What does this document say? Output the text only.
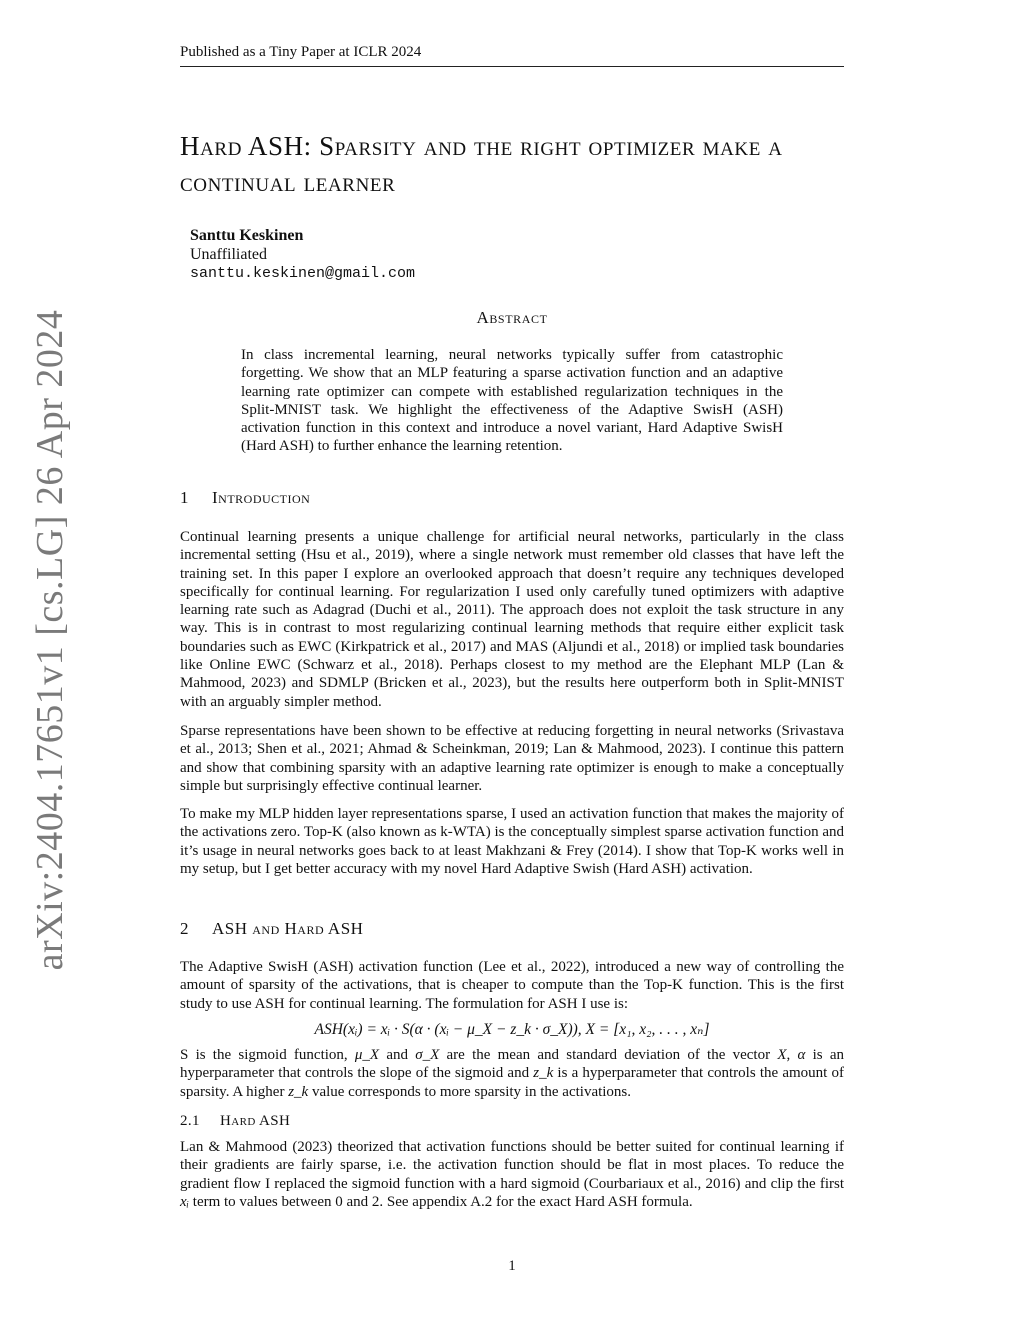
Published as a Tiny Paper at ICLR 2024
arXiv:2404.17651v1 [cs.LG] 26 Apr 2024
Hard ASH: Sparsity and the right optimizer make a continual learner
Santtu Keskinen
Unaffiliated
santtu.keskinen@gmail.com
Abstract

In class incremental learning, neural networks typically suffer from catastrophic forgetting. We show that an MLP featuring a sparse activation function and an adaptive learning rate optimizer can compete with established regularization techniques in the Split-MNIST task. We highlight the effectiveness of the Adaptive SwisH (ASH) activation function in this context and introduce a novel variant, Hard Adaptive SwisH (Hard ASH) to further enhance the learning retention.

1 Introduction

Continual learning presents a unique challenge for artificial neural networks, particularly in the class incremental setting (Hsu et al., 2019), where a single network must remember old classes that have left the training set. In this paper I explore an overlooked approach that doesn’t require any techniques developed specifically for continual learning. For regularization I used only carefully tuned optimizers with adaptive learning rate such as Adagrad (Duchi et al., 2011). The approach does not exploit the task structure in any way. This is in contrast to most regularizing continual learning methods that require either explicit task boundaries such as EWC (Kirkpatrick et al., 2017) and MAS (Aljundi et al., 2018) or implied task boundaries like Online EWC (Schwarz et al., 2018). Perhaps closest to my method are the Elephant MLP (Lan & Mahmood, 2023) and SDMLP (Bricken et al., 2023), but the results here outperform both in Split-MNIST with an arguably simpler method.

Sparse representations have been shown to be effective at reducing forgetting in neural networks (Srivastava et al., 2013; Shen et al., 2021; Ahmad & Scheinkman, 2019; Lan & Mahmood, 2023). I continue this pattern and show that combining sparsity with an adaptive learning rate optimizer is enough to make a conceptually simple but surprisingly effective continual learner.

To make my MLP hidden layer representations sparse, I used an activation function that makes the majority of the activations zero. Top-K (also known as k-WTA) is the conceptually simplest sparse activation function and it’s usage in neural networks goes back to at least Makhzani & Frey (2014). I show that Top-K works well in my setup, but I get better accuracy with my novel Hard Adaptive Swish (Hard ASH) activation.

2 ASH and Hard ASH

The Adaptive SwisH (ASH) activation function (Lee et al., 2022), introduced a new way of controlling the amount of sparsity of the activations, that is cheaper to compute than the Top-K function. This is the first study to use ASH for continual learning. The formulation for ASH I use is:

ASH(xᵢ) = xᵢ · S(α · (xᵢ − μ_X − z_k · σ_X)), X = [x₁, x₂, . . . , xₙ]

S is the sigmoid function, μ_X and σ_X are the mean and standard deviation of the vector X, α is an hyperparameter that controls the slope of the sigmoid and z_k is a hyperparameter that controls the amount of sparsity. A higher z_k value corresponds to more sparsity in the activations.

2.1 Hard ASH

Lan & Mahmood (2023) theorized that activation functions should be better suited for continual learning if their gradients are fairly sparse, i.e. the activation function should be flat in most places. To reduce the gradient flow I replaced the sigmoid function with a hard sigmoid (Courbariaux et al., 2016) and clip the first xᵢ term to values between 0 and 2. See appendix A.2 for the exact Hard ASH formula.

1
